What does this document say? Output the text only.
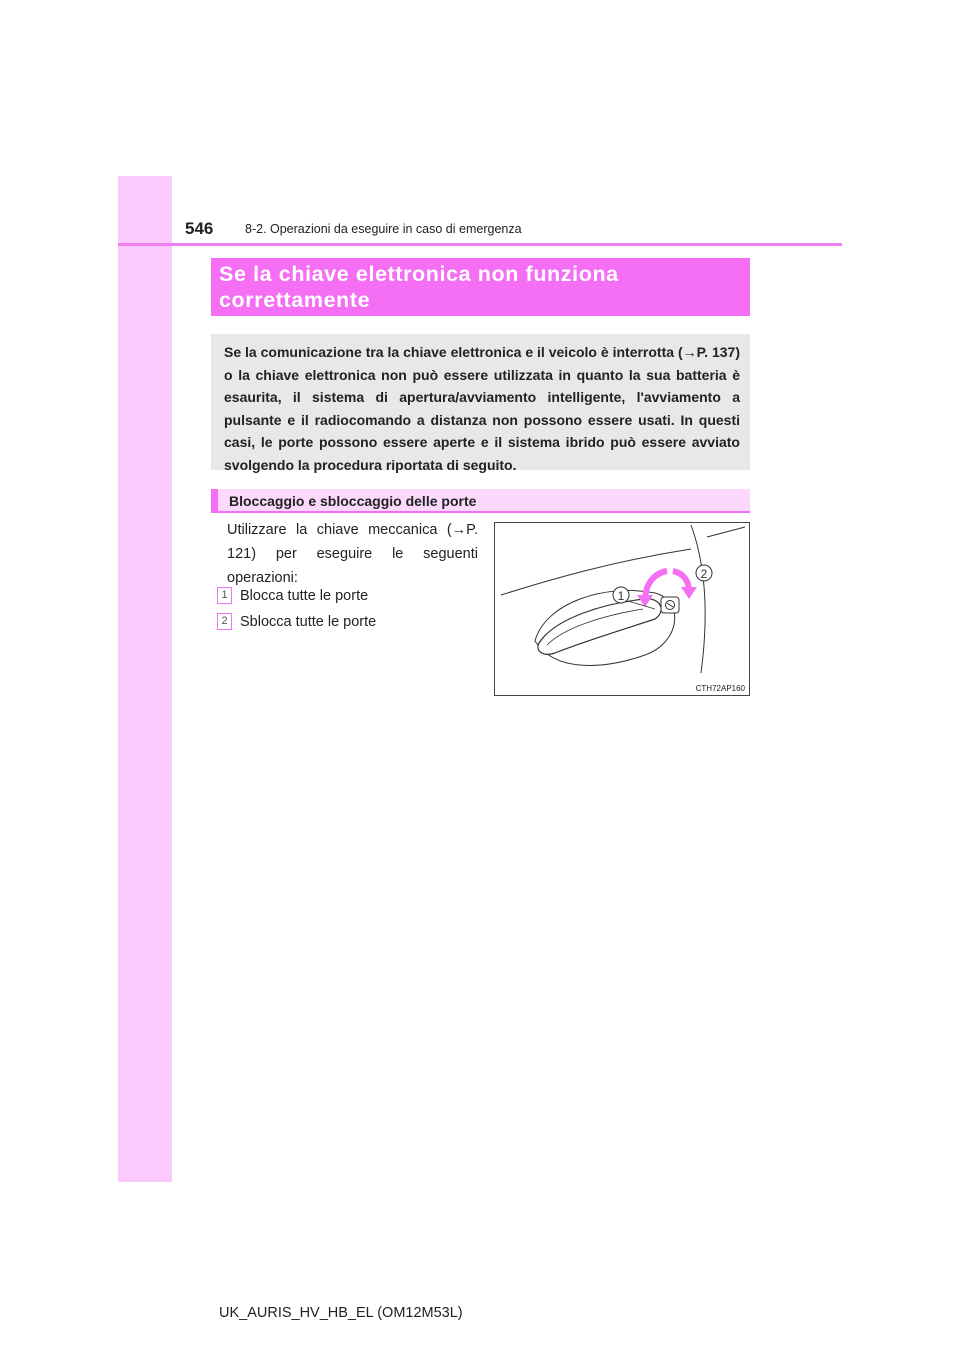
546	8-2. Operazioni da eseguire in caso di emergenza
Se la chiave elettronica non funziona
correttamente

Se la comunicazione tra la chiave elettronica e il veicolo è interrotta (→P. 137) o la chiave elettronica non può essere utilizzata in quanto la sua batteria è esaurita, il sistema di apertura/avviamento intelligente, l'avviamento a pulsante e il radiocomando a distanza non possono essere usati. In questi casi, le porte possono essere aperte e il sistema ibrido può essere avviato svolgendo la procedura riportata di seguito.

Bloccaggio e sbloccaggio delle porte
Utilizzare la chiave meccanica (→P. 121) per eseguire le seguenti operazioni:
1 Blocca tutte le porte
2 Sblocca tutte le porte
1
2
CTH72AP160
UK_AURIS_HV_HB_EL (OM12M53L)
